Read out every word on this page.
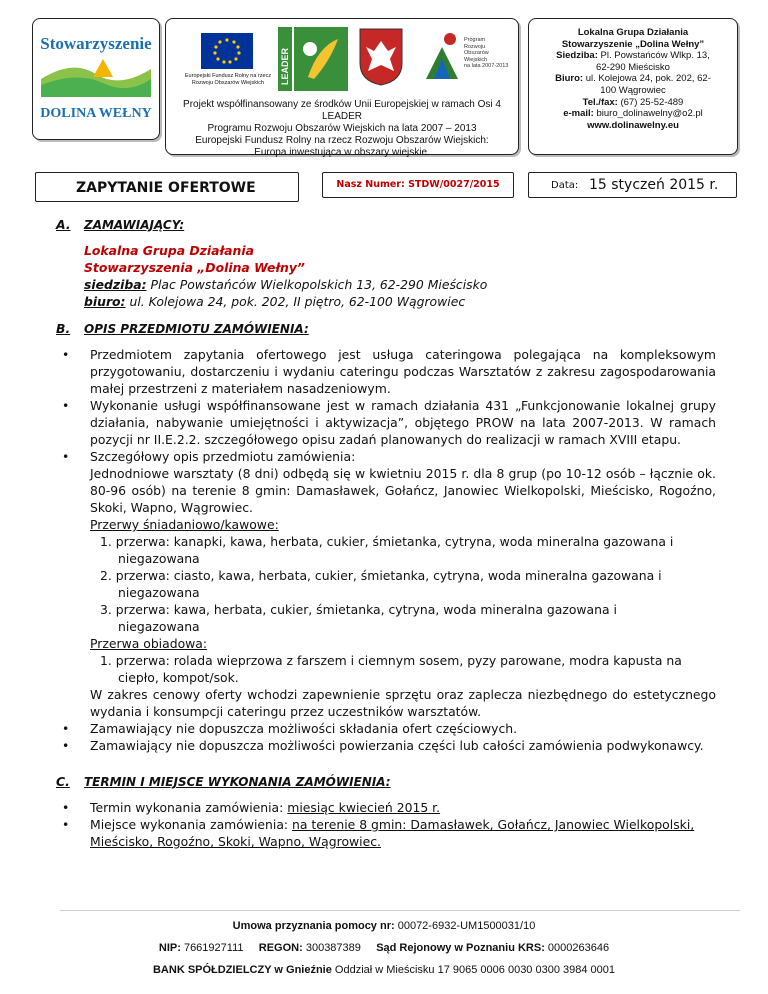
Stowarzyszenie
DOLINA WEŁNY
Europejski Fundusz Rolny na rzecz Rozwoju Obszarów Wiejskich	LEADER
Program
Rozwoju
Obszarów
Wiejskich
na lata 2007-2013
Projekt współfinansowany ze środków Unii Europejskiej w ramach Osi 4 LEADER
Programu Rozwoju Obszarów Wiejskich na lata 2007 – 2013
Europejski Fundusz Rolny na rzecz Rozwoju Obszarów Wiejskich:
Europa inwestująca w obszary wiejskie.
Lokalna Grupa Działania
Stowarzyszenie „Dolina Wełny”
Siedziba: Pl. Powstańców Wlkp. 13, 62-290 Mieścisko
Biuro: ul. Kolejowa 24, pok. 202, 62-100 Wągrowiec
Tel./fax: (67) 25-52-489
e-mail: biuro_dolinawelny@o2.pl
www.dolinawelny.eu
ZAPYTANIE OFERTOWE	Nasz Numer: STDW/0027/2015	Data: 15 styczeń 2015 r.
A. ZAMAWIAJĄCY:
Lokalna Grupa Działania
Stowarzyszenia „Dolina Wełny”
siedziba: Plac Powstańców Wielkopolskich 13, 62-290 Mieścisko
biuro: ul. Kolejowa 24, pok. 202, II piętro, 62-100 Wągrowiec
B. OPIS PRZEDMIOTU ZAMÓWIENIA:
• Przedmiotem zapytania ofertowego jest usługa cateringowa polegająca na kompleksowym przygotowaniu, dostarczeniu i wydaniu cateringu podczas Warsztatów z zakresu zagospodarowania małej przestrzeni z materiałem nasadzeniowym.
• Wykonanie usługi współfinansowane jest w ramach działania 431 „Funkcjonowanie lokalnej grupy działania, nabywanie umiejętności i aktywizacja”, objętego PROW na lata 2007-2013. W ramach pozycji nr II.E.2.2. szczegółowego opisu zadań planowanych do realizacji w ramach XVIII etapu.
• Szczegółowy opis przedmiotu zamówienia:
Jednodniowe warsztaty (8 dni) odbędą się w kwietniu 2015 r. dla 8 grup (po 10-12 osób – łącznie ok. 80-96 osób) na terenie 8 gmin: Damasławek, Gołańcz, Janowiec Wielkopolski, Mieścisko, Rogoźno, Skoki, Wapno, Wągrowiec.
Przerwy śniadaniowo/kawowe:
1. przerwa: kanapki, kawa, herbata, cukier, śmietanka, cytryna, woda mineralna gazowana i
niegazowana
2. przerwa: ciasto, kawa, herbata, cukier, śmietanka, cytryna, woda mineralna gazowana i
niegazowana
3. przerwa: kawa, herbata, cukier, śmietanka, cytryna, woda mineralna gazowana i
niegazowana
Przerwa obiadowa:
1. przerwa: rolada wieprzowa z farszem i ciemnym sosem, pyzy parowane, modra kapusta na
ciepło, kompot/sok.
W zakres cenowy oferty wchodzi zapewnienie sprzętu oraz zaplecza niezbędnego do estetycznego wydania i konsumpcji cateringu przez uczestników warsztatów.
• Zamawiający nie dopuszcza możliwości składania ofert częściowych.
• Zamawiający nie dopuszcza możliwości powierzania części lub całości zamówienia podwykonawcy.
C. TERMIN I MIEJSCE WYKONANIA ZAMÓWIENIA:
• Termin wykonania zamówienia: miesiąc kwiecień 2015 r.
• Miejsce wykonania zamówienia: na terenie 8 gmin: Damasławek, Gołańcz, Janowiec Wielkopolski, Mieścisko, Rogoźno, Skoki, Wapno, Wągrowiec.
Umowa przyznania pomocy nr: 00072-6932-UM1500031/10
NIP: 7661927111 REGON: 300387389 Sąd Rejonowy w Poznaniu KRS: 0000263646
BANK SPÓŁDZIELCZY w Gnieźnie Oddział w Mieścisku 17 9065 0006 0030 0300 3984 0001
